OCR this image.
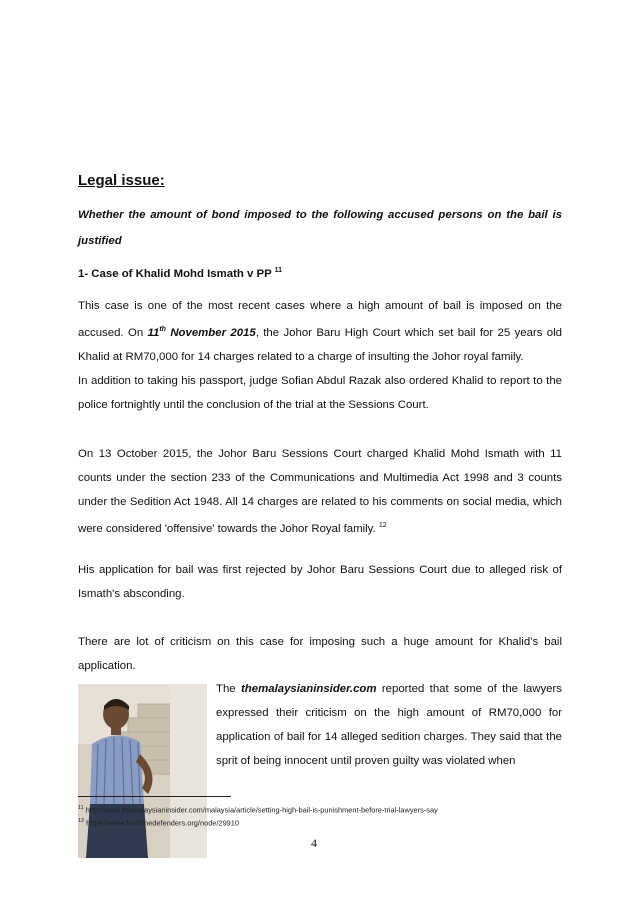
Legal issue:

Whether the amount of bond imposed to the following accused persons on the bail is justified

1- Case of Khalid Mohd Ismath v PP $^{11}$

This case is one of the most recent cases where a high amount of bail is imposed on the accused. On 11th November 2015, the Johor Baru High Court which set bail for 25 years old Khalid at RM70,000 for 14 charges related to a charge of insulting the Johor royal family.
In addition to taking his passport, judge Sofian Abdul Razak also ordered Khalid to report to the police fortnightly until the conclusion of the trial at the Sessions Court.

On 13 October 2015, the Johor Baru Sessions Court charged Khalid Mohd Ismath with 11 counts under the section 233 of the Communications and Multimedia Act 1998 and 3 counts under the Sedition Act 1948. All 14 charges are related to his comments on social media, which were considered 'offensive' towards the Johor Royal family. $^{12}$

His application for bail was first rejected by Johor Baru Sessions Court due to alleged risk of Ismath's absconding.

There are lot of criticism on this case for imposing such a huge amount for Khalid’s bail application.

The themalaysianinsider.com reported that some of the lawyers expressed their criticism on the high amount of RM70,000 for application of bail for 14 alleged sedition charges. They said that the sprit of being innocent until proven guilty was violated when

$^{11}$ http://www.themalaysianinsider.com/malaysia/article/setting-high-bail-is-punishment-before-trial-lawyers-say

$^{12}$ https://www.frontlinedefenders.org/node/29910

4
